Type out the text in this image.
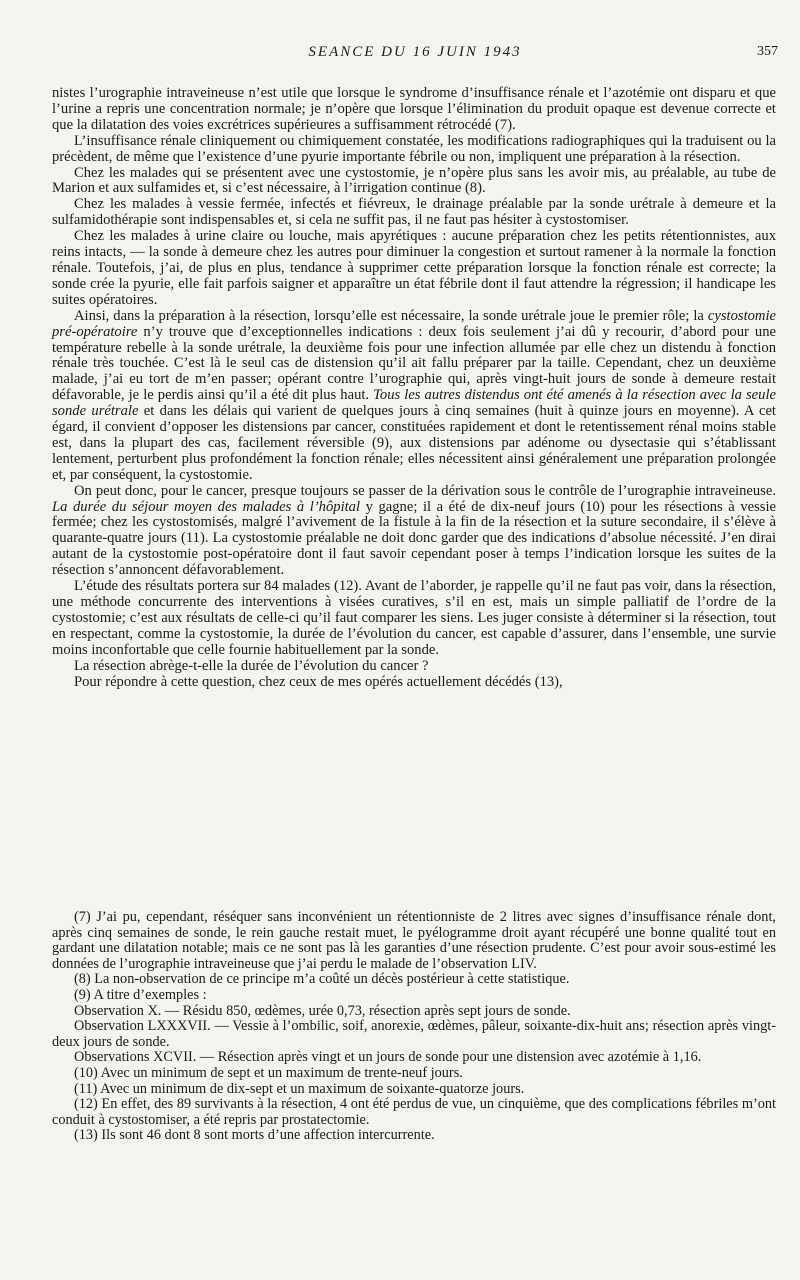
SEANCE DU 16 JUIN 1943	357

nistes l’urographie intraveineuse n’est utile que lorsque le syndrome d’insuffisance rénale et l’azotémie ont disparu et que l’urine a repris une concentration normale; je n’opère que lorsque l’élimination du produit opaque est devenue correcte et que la dilatation des voies excrétrices supérieures a suffisamment rétrocédé (7).

L’insuffisance rénale cliniquement ou chimiquement constatée, les modifications radiographiques qui la traduisent ou la précèdent, de même que l’existence d’une pyurie importante fébrile ou non, impliquent une préparation à la résection.

Chez les malades qui se présentent avec une cystostomie, je n’opère plus sans les avoir mis, au préalable, au tube de Marion et aux sulfamides et, si c’est nécessaire, à l’irrigation continue (8).

Chez les malades à vessie fermée, infectés et fiévreux, le drainage préalable par la sonde urétrale à demeure et la sulfamidothérapie sont indispensables et, si cela ne suffit pas, il ne faut pas hésiter à cystostomiser.

Chez les malades à urine claire ou louche, mais apyrétiques : aucune préparation chez les petits rétentionnistes, aux reins intacts, — la sonde à demeure chez les autres pour diminuer la congestion et surtout ramener à la normale la fonction rénale. Toutefois, j’ai, de plus en plus, tendance à supprimer cette préparation lorsque la fonction rénale est correcte; la sonde crée la pyurie, elle fait parfois saigner et apparaître un état fébrile dont il faut attendre la régression; il handicape les suites opératoires.

Ainsi, dans la préparation à la résection, lorsqu’elle est nécessaire, la sonde urétrale joue le premier rôle; la cystostomie pré-opératoire n’y trouve que d’exceptionnelles indications : deux fois seulement j’ai dû y recourir, d’abord pour une température rebelle à la sonde urétrale, la deuxième fois pour une infection allumée par elle chez un distendu à fonction rénale très touchée. C’est là le seul cas de distension qu’il ait fallu préparer par la taille. Cependant, chez un deuxième malade, j’ai eu tort de m’en passer; opérant contre l’urographie qui, après vingt-huit jours de sonde à demeure restait défavorable, je le perdis ainsi qu’il a été dit plus haut. Tous les autres distendus ont été amenés à la résection avec la seule sonde urétrale et dans les délais qui varient de quelques jours à cinq semaines (huit à quinze jours en moyenne). A cet égard, il convient d’opposer les distensions par cancer, constituées rapidement et dont le retentissement rénal moins stable est, dans la plupart des cas, facilement réversible (9), aux distensions par adénome ou dysectasie qui s’établissant lentement, perturbent plus profondément la fonction rénale; elles nécessitent ainsi généralement une préparation prolongée et, par conséquent, la cystostomie.

On peut donc, pour le cancer, presque toujours se passer de la dérivation sous le contrôle de l’urographie intraveineuse. La durée du séjour moyen des malades à l’hôpital y gagne; il a été de dix-neuf jours (10) pour les résections à vessie fermée; chez les cystostomisés, malgré l’avivement de la fistule à la fin de la résection et la suture secondaire, il s’élève à quarante-quatre jours (11). La cystostomie préalable ne doit donc garder que des indications d’absolue nécessité. J’en dirai autant de la cystostomie post-opératoire dont il faut savoir cependant poser à temps l’indication lorsque les suites de la résection s’annoncent défavorablement.

L’étude des résultats portera sur 84 malades (12). Avant de l’aborder, je rappelle qu’il ne faut pas voir, dans la résection, une méthode concurrente des interventions à visées curatives, s’il en est, mais un simple palliatif de l’ordre de la cystostomie; c’est aux résultats de celle-ci qu’il faut comparer les siens. Les juger consiste à déterminer si la résection, tout en respectant, comme la cystostomie, la durée de l’évolution du cancer, est capable d’assurer, dans l’ensemble, une survie moins inconfortable que celle fournie habituellement par la sonde.

La résection abrège-t-elle la durée de l’évolution du cancer ?

Pour répondre à cette question, chez ceux de mes opérés actuellement décédés (13),

(7) J’ai pu, cependant, réséquer sans inconvénient un rétentionniste de 2 litres avec signes d’insuffisance rénale dont, après cinq semaines de sonde, le rein gauche restait muet, le pyélogramme droit ayant récupéré une bonne qualité tout en gardant une dilatation notable; mais ce ne sont pas là les garanties d’une résection prudente. C’est pour avoir sous-estimé les données de l’urographie intraveineuse que j’ai perdu le malade de l’observation LIV.

(8) La non-observation de ce principe m’a coûté un décès postérieur à cette statistique.

(9) A titre d’exemples :

Observation X. — Résidu 850, œdèmes, urée 0,73, résection après sept jours de sonde.

Observation LXXXVII. — Vessie à l’ombilic, soif, anorexie, œdèmes, pâleur, soixante-dix-huit ans; résection après vingt-deux jours de sonde.

Observations XCVII. — Résection après vingt et un jours de sonde pour une distension avec azotémie à 1,16.

(10) Avec un minimum de sept et un maximum de trente-neuf jours.

(11) Avec un minimum de dix-sept et un maximum de soixante-quatorze jours.

(12) En effet, des 89 survivants à la résection, 4 ont été perdus de vue, un cinquième, que des complications fébriles m’ont conduit à cystostomiser, a été repris par prostatectomie.

(13) Ils sont 46 dont 8 sont morts d’une affection intercurrente.
